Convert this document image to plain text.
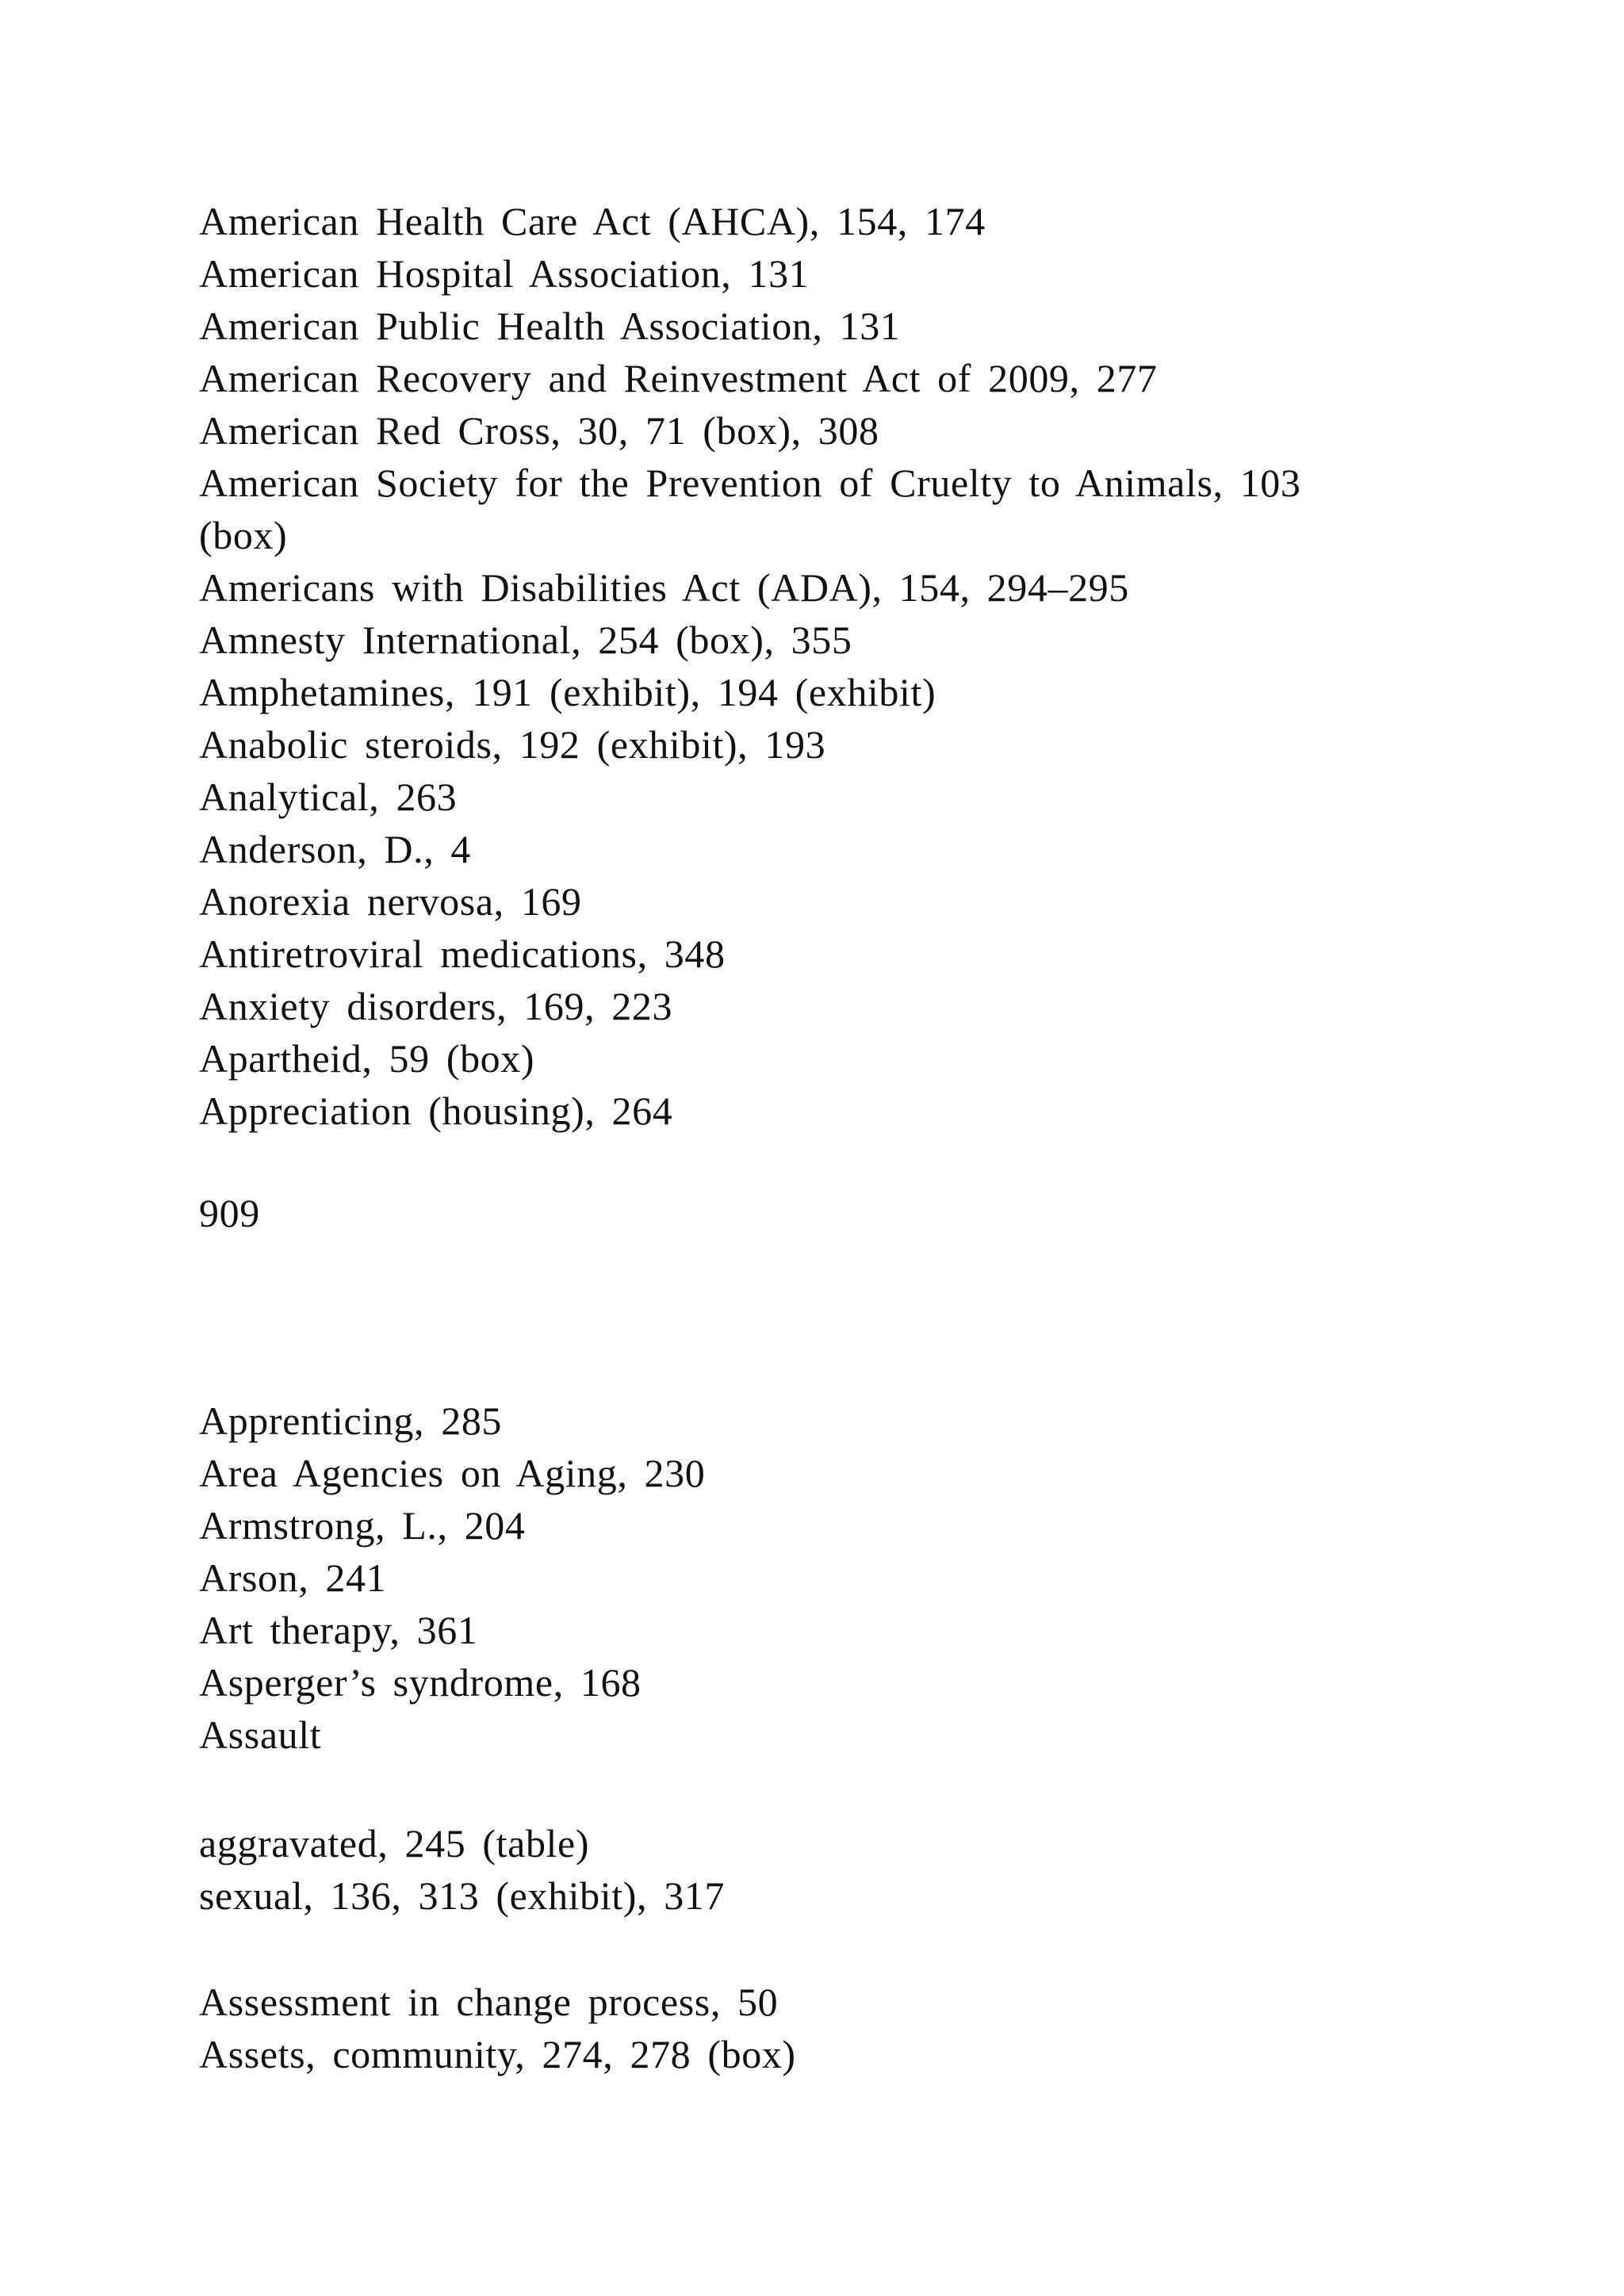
American Health Care Act (AHCA), 154, 174
American Hospital Association, 131
American Public Health Association, 131
American Recovery and Reinvestment Act of 2009, 277
American Red Cross, 30, 71 (box), 308
American Society for the Prevention of Cruelty to Animals, 103
(box)
Americans with Disabilities Act (ADA), 154, 294–295
Amnesty International, 254 (box), 355
Amphetamines, 191 (exhibit), 194 (exhibit)
Anabolic steroids, 192 (exhibit), 193
Analytical, 263
Anderson, D., 4
Anorexia nervosa, 169
Antiretroviral medications, 348
Anxiety disorders, 169, 223
Apartheid, 59 (box)
Appreciation (housing), 264
909
Apprenticing, 285
Area Agencies on Aging, 230
Armstrong, L., 204
Arson, 241
Art therapy, 361
Asperger’s syndrome, 168
Assault
aggravated, 245 (table)
sexual, 136, 313 (exhibit), 317
Assessment in change process, 50
Assets, community, 274, 278 (box)
